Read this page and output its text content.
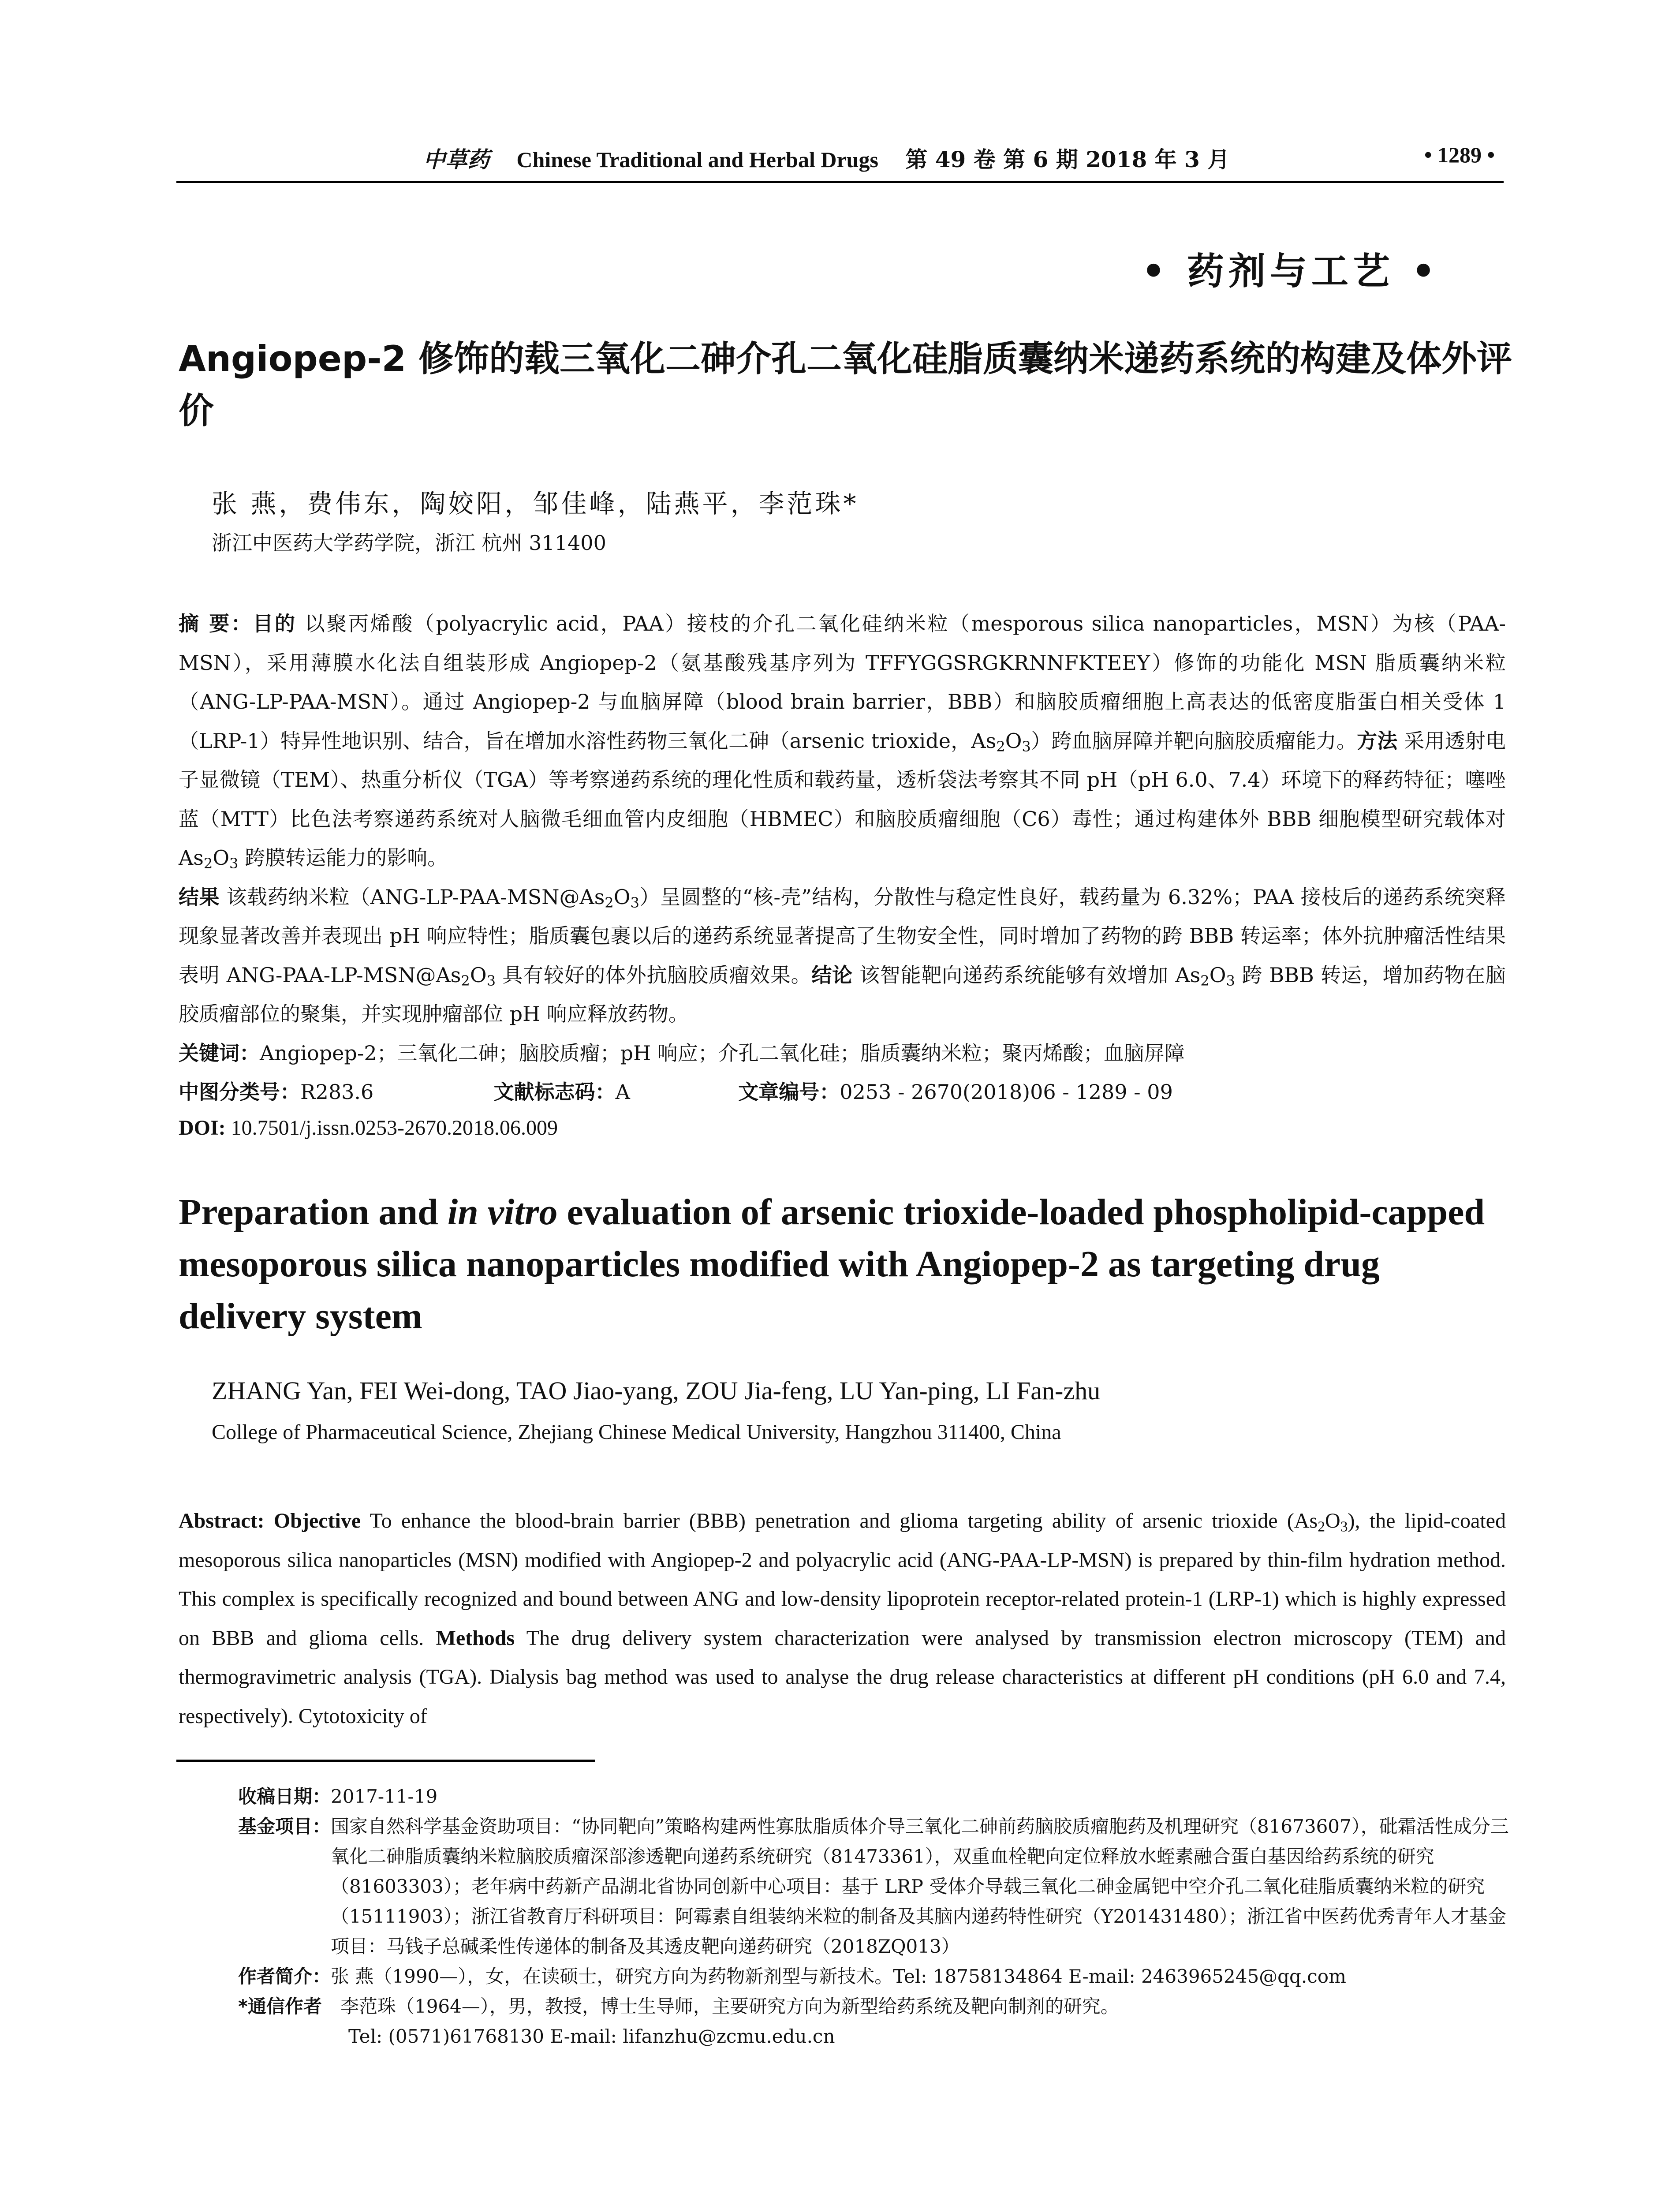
中草药 Chinese Traditional and Herbal Drugs 第 49 卷 第 6 期 2018 年 3 月	• 1289 •
• 药剂与工艺 •
Angiopep-2 修饰的载三氧化二砷介孔二氧化硅脂质囊纳米递药系统的构建及体外评价
张 燕，费伟东，陶姣阳，邹佳峰，陆燕平，李范珠*
浙江中医药大学药学院，浙江 杭州 311400

摘 要：目的 以聚丙烯酸（polyacrylic acid，PAA）接枝的介孔二氧化硅纳米粒（mesporous silica nanoparticles，MSN）为核（PAA-MSN），采用薄膜水化法自组装形成 Angiopep-2（氨基酸残基序列为 TFFYGGSRGKRNNFKTEEY）修饰的功能化 MSN 脂质囊纳米粒（ANG-LP-PAA-MSN）。通过 Angiopep-2 与血脑屏障（blood brain barrier，BBB）和脑胶质瘤细胞上高表达的低密度脂蛋白相关受体 1（LRP-1）特异性地识别、结合，旨在增加水溶性药物三氧化二砷（arsenic trioxide，$As_2O_3$）跨血脑屏障并靶向脑胶质瘤能力。方法 采用透射电子显微镜（TEM）、热重分析仪（TGA）等考察递药系统的理化性质和载药量，透析袋法考察其不同 pH（pH 6.0、7.4）环境下的释药特征；噻唑蓝（MTT）比色法考察递药系统对人脑微毛细血管内皮细胞（HBMEC）和脑胶质瘤细胞（C6）毒性；通过构建体外 BBB 细胞模型研究载体对 $As_2O_3$ 跨膜转运能力的影响。
结果 该载药纳米粒$(ANG-LP-PAA-MSN@As_2O_3)$呈圆整的“核-壳”结构，分散性与稳定性良好，载药量为 6.32%；PAA 接枝后的递药系统突释现象显著改善并表现出 pH 响应特性；脂质囊包裹以后的递药系统显著提高了生物安全性，同时增加了药物的跨 BBB 转运率；体外抗肿瘤活性结果表明 ANG-$PAA-LP-MSN@As_2O_3$ 具有较好的体外抗脑胶质瘤效果。结论 该智能靶向递药系统能够有效增加 $As_2O_3$ 跨 BBB 转运，增加药物在脑胶质瘤部位的聚集，并实现肿瘤部位 pH 响应释放药物。
关键词：Angiopep-2；三氧化二砷；脑胶质瘤；pH 响应；介孔二氧化硅；脂质囊纳米粒；聚丙烯酸；血脑屏障

中图分类号：R283.6	文献标志码：A	文章编号：0253 - 2670(2018)06 - 1289 - 09
DOI: 10.7501/j.issn.0253-2670.2018.06.009
Preparation and in vitro evaluation of arsenic trioxide-loaded phospholipid-capped mesoporous silica nanoparticles modified with Angiopep-2 as targeting drug delivery system
ZHANG Yan, FEI Wei-dong, TAO Jiao-yang, ZOU Jia-feng, LU Yan-ping, LI Fan-zhu
College of Pharmaceutical Science, Zhejiang Chinese Medical University, Hangzhou 311400, China
Abstract: Objective To enhance the blood-brain barrier (BBB) penetration and glioma targeting ability of arsenic trioxide $(As_2O_3)$, the lipid-coated mesoporous silica nanoparticles (MSN) modified with Angiopep-2 and polyacrylic acid (ANG-PAA-LP-MSN) is prepared by thin-film hydration method. This complex is specifically recognized and bound between ANG and low-density lipoprotein receptor-related protein-1 (LRP-1) which is highly expressed on BBB and glioma cells. Methods The drug delivery system characterization were analysed by transmission electron microscopy (TEM) and thermogravimetric analysis (TGA). Dialysis bag method was used to analyse the drug release characteristics at different pH conditions (pH 6.0 and 7.4, respectively). Cytotoxicity of
收稿日期： 2017-11-19
基金项目： 国家自然科学基金资助项目：“协同靶向”策略构建两性寡肽脂质体介导三氧化二砷前药脑胶质瘤胞药及机理研究（81673607），砒霜活性成分三氧化二砷脂质囊纳米粒脑胶质瘤深部渗透靶向递药系统研究（81473361），双重血栓靶向定位释放水蛭素融合蛋白基因给药系统的研究（81603303）；老年病中药新产品湖北省协同创新中心项目：基于 LRP 受体介导载三氧化二砷金属钯中空介孔二氧化硅脂质囊纳米粒的研究（15111903）；浙江省教育厅科研项目：阿霉素自组装纳米粒的制备及其脑内递药特性研究（Y201431480）；浙江省中医药优秀青年人才基金项目：马钱子总碱柔性传递体的制备及其透皮靶向递药研究（2018ZQ013）
作者简介： 张 燕（1990—），女，在读硕士，研究方向为药物新剂型与新技术。Tel: 18758134864 E-mail: 2463965245@qq.com
*通信作者 　李范珠（1964—），男，教授，博士生导师，主要研究方向为新型给药系统及靶向制剂的研究。
Tel: (0571)61768130 E-mail: lifanzhu@zcmu.edu.cn
